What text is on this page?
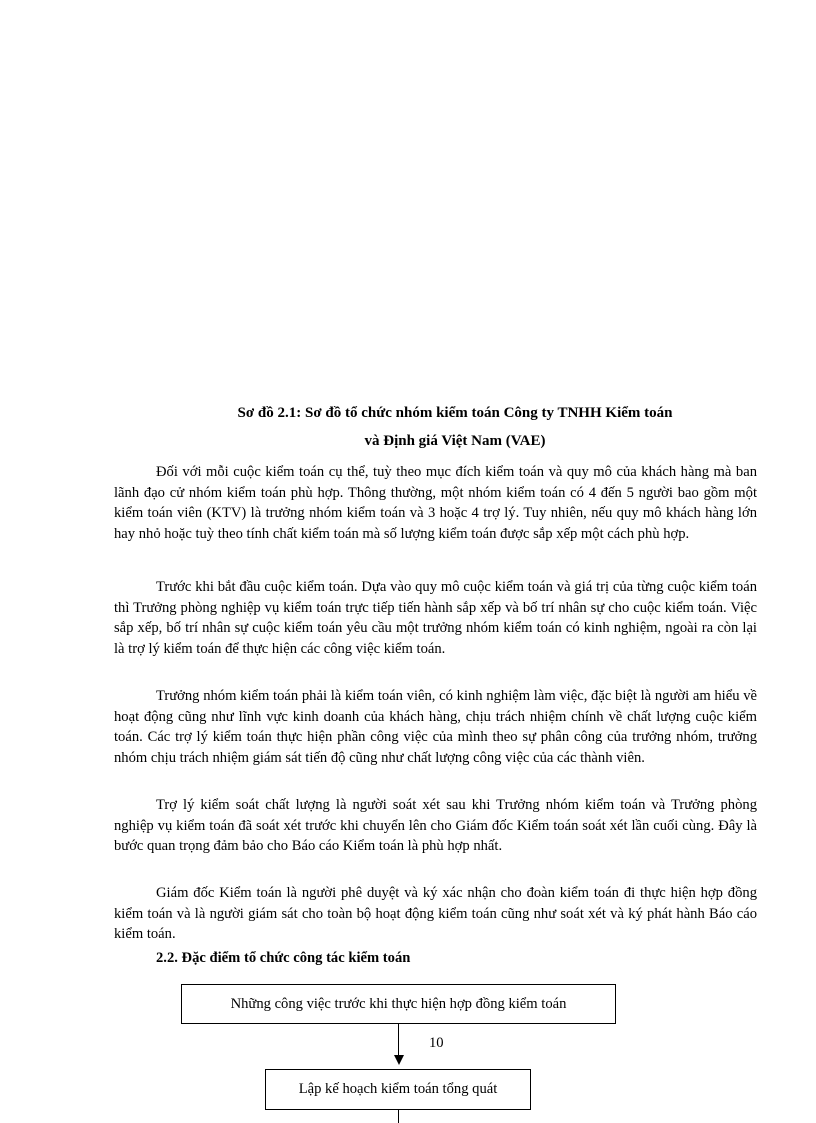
Sơ đồ 2.1: Sơ đồ tổ chức nhóm kiểm toán Công ty TNHH Kiểm toán
và Định giá Việt Nam (VAE)

Đối với mỗi cuộc kiểm toán cụ thể, tuỳ theo mục đích kiểm toán và quy mô của khách hàng mà ban lãnh đạo cử nhóm kiểm toán phù hợp. Thông thường, một nhóm kiểm toán có 4 đến 5 người bao gồm một kiểm toán viên (KTV) là trưởng nhóm kiểm toán và 3 hoặc 4 trợ lý. Tuy nhiên, nếu quy mô khách hàng lớn hay nhỏ hoặc tuỳ theo tính chất kiểm toán mà số lượng kiểm toán được sắp xếp một cách phù hợp.

Trước khi bắt đầu cuộc kiểm toán. Dựa vào quy mô cuộc kiểm toán và giá trị của từng cuộc kiểm toán thì Trưởng phòng nghiệp vụ kiểm toán trực tiếp tiến hành sắp xếp và bố trí nhân sự cho cuộc kiểm toán. Việc sắp xếp, bố trí nhân sự cuộc kiểm toán yêu cầu một trưởng nhóm kiểm toán có kinh nghiệm, ngoài ra còn lại là trợ lý kiểm toán để thực hiện các công việc kiểm toán.

Trưởng nhóm kiểm toán phải là kiểm toán viên, có kinh nghiệm làm việc, đặc biệt là người am hiểu về hoạt động cũng như lĩnh vực kinh doanh của khách hàng, chịu trách nhiệm chính về chất lượng cuộc kiểm toán. Các trợ lý kiểm toán thực hiện phần công việc của mình theo sự phân công của trưởng nhóm, trưởng nhóm chịu trách nhiệm giám sát tiến độ cũng như chất lượng công việc của các thành viên.

Trợ lý kiểm soát chất lượng là người soát xét sau khi Trưởng nhóm kiểm toán và Trưởng phòng nghiệp vụ kiểm toán đã soát xét trước khi chuyển lên cho Giám đốc Kiểm toán soát xét lần cuối cùng. Đây là bước quan trọng đảm bảo cho Báo cáo Kiểm toán là phù hợp nhất.

Giám đốc Kiểm toán là người phê duyệt và ký xác nhận cho đoàn kiểm toán đi thực hiện hợp đồng kiểm toán và là người giám sát cho toàn bộ hoạt động kiểm toán cũng như soát xét và ký phát hành Báo cáo kiểm toán.

2.2. Đặc điểm tổ chức công tác kiểm toán
Những công việc trước khi thực hiện hợp đồng kiểm toán
10
Lập kế hoạch kiểm toán tổng quát
